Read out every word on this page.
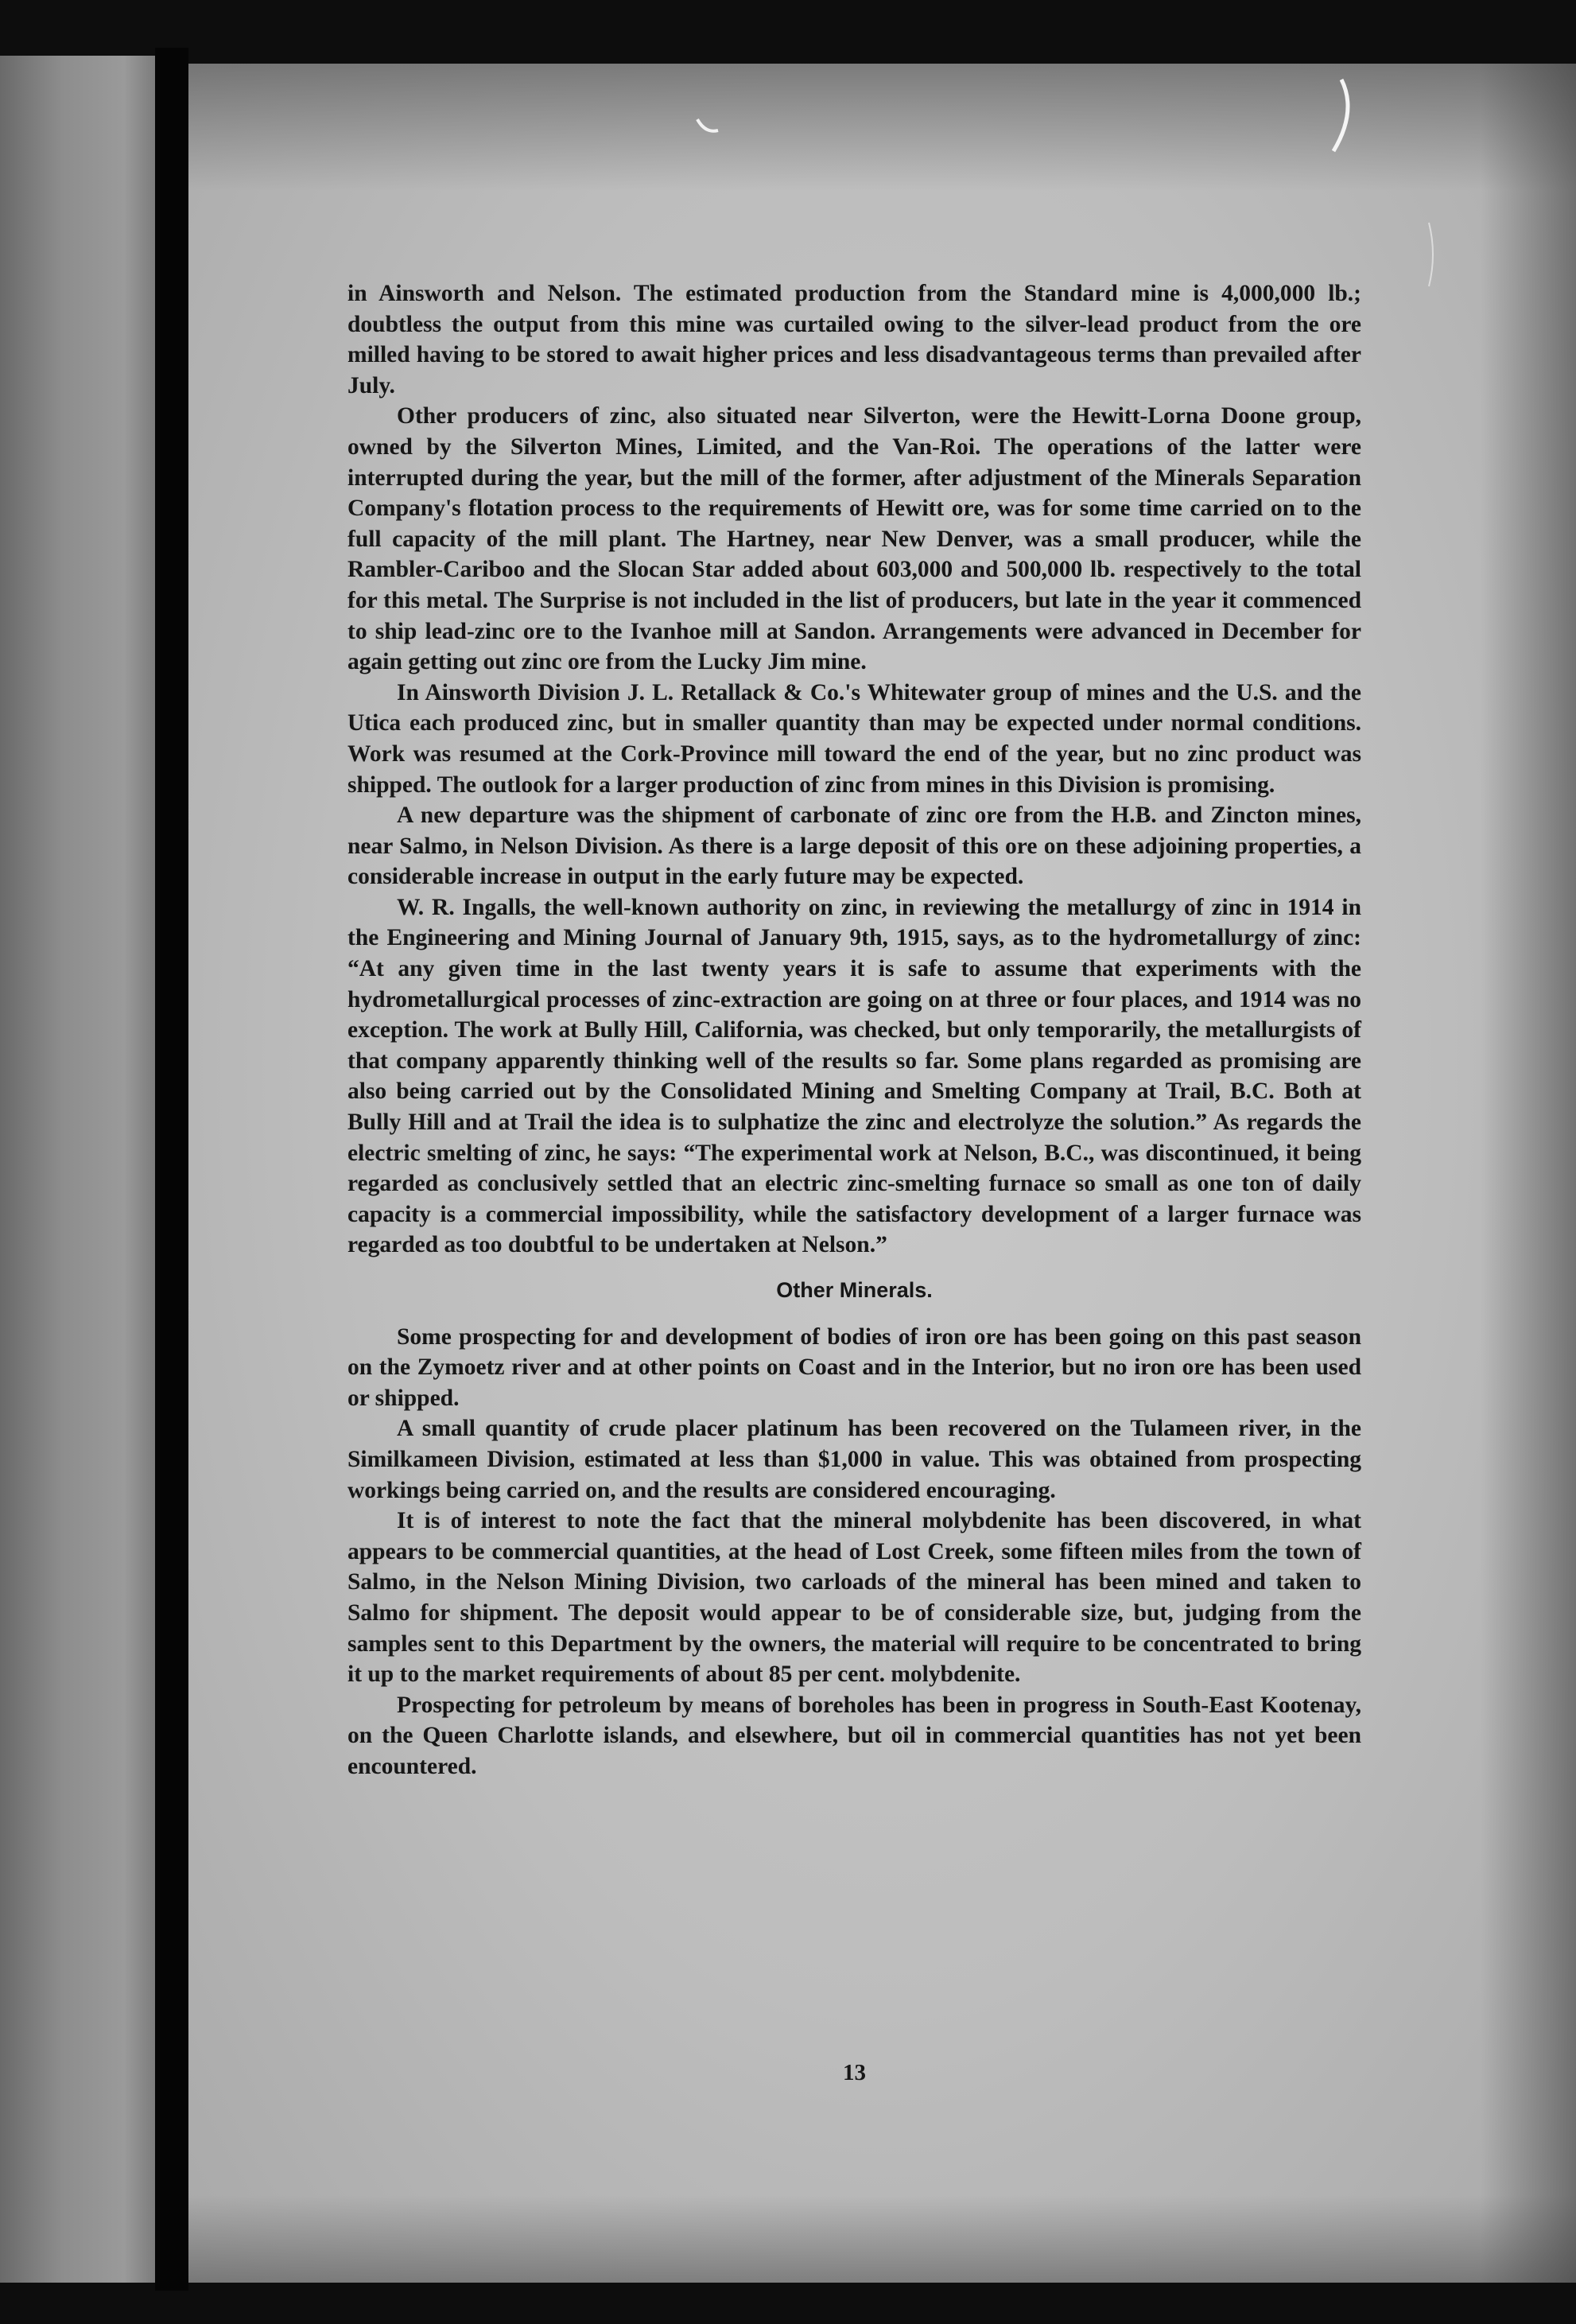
in Ainsworth and Nelson. The estimated production from the Standard mine is 4,000,000 lb.; doubtless the output from this mine was curtailed owing to the silver-lead product from the ore milled having to be stored to await higher prices and less disadvantageous terms than prevailed after July.

Other producers of zinc, also situated near Silverton, were the Hewitt-Lorna Doone group, owned by the Silverton Mines, Limited, and the Van-Roi. The operations of the latter were interrupted during the year, but the mill of the former, after adjustment of the Minerals Separation Company's flotation process to the requirements of Hewitt ore, was for some time carried on to the full capacity of the mill plant. The Hartney, near New Denver, was a small producer, while the Rambler-Cariboo and the Slocan Star added about 603,000 and 500,000 lb. respectively to the total for this metal. The Surprise is not included in the list of producers, but late in the year it commenced to ship lead-zinc ore to the Ivanhoe mill at Sandon. Arrangements were advanced in December for again getting out zinc ore from the Lucky Jim mine.

In Ainsworth Division J. L. Retallack & Co.'s Whitewater group of mines and the U.S. and the Utica each produced zinc, but in smaller quantity than may be expected under normal conditions. Work was resumed at the Cork-Province mill toward the end of the year, but no zinc product was shipped. The outlook for a larger production of zinc from mines in this Division is promising.

A new departure was the shipment of carbonate of zinc ore from the H.B. and Zincton mines, near Salmo, in Nelson Division. As there is a large deposit of this ore on these adjoining properties, a considerable increase in output in the early future may be expected.

W. R. Ingalls, the well-known authority on zinc, in reviewing the metallurgy of zinc in 1914 in the Engineering and Mining Journal of January 9th, 1915, says, as to the hydrometallurgy of zinc: “At any given time in the last twenty years it is safe to assume that experiments with the hydrometallurgical processes of zinc-extraction are going on at three or four places, and 1914 was no exception. The work at Bully Hill, California, was checked, but only temporarily, the metallurgists of that company apparently thinking well of the results so far. Some plans regarded as promising are also being carried out by the Consolidated Mining and Smelting Company at Trail, B.C. Both at Bully Hill and at Trail the idea is to sulphatize the zinc and electrolyze the solution.” As regards the electric smelting of zinc, he says: “The experimental work at Nelson, B.C., was discontinued, it being regarded as conclusively settled that an electric zinc-smelting furnace so small as one ton of daily capacity is a commercial impossibility, while the satisfactory development of a larger furnace was regarded as too doubtful to be undertaken at Nelson.”

Other Minerals.

Some prospecting for and development of bodies of iron ore has been going on this past season on the Zymoetz river and at other points on Coast and in the Interior, but no iron ore has been used or shipped.

A small quantity of crude placer platinum has been recovered on the Tulameen river, in the Similkameen Division, estimated at less than $1,000 in value. This was obtained from prospecting workings being carried on, and the results are considered encouraging.

It is of interest to note the fact that the mineral molybdenite has been discovered, in what appears to be commercial quantities, at the head of Lost Creek, some fifteen miles from the town of Salmo, in the Nelson Mining Division, two carloads of the mineral has been mined and taken to Salmo for shipment. The deposit would appear to be of considerable size, but, judging from the samples sent to this Department by the owners, the material will require to be concentrated to bring it up to the market requirements of about 85 per cent. molybdenite.

Prospecting for petroleum by means of boreholes has been in progress in South-East Kootenay, on the Queen Charlotte islands, and elsewhere, but oil in commercial quantities has not yet been encountered.

13
